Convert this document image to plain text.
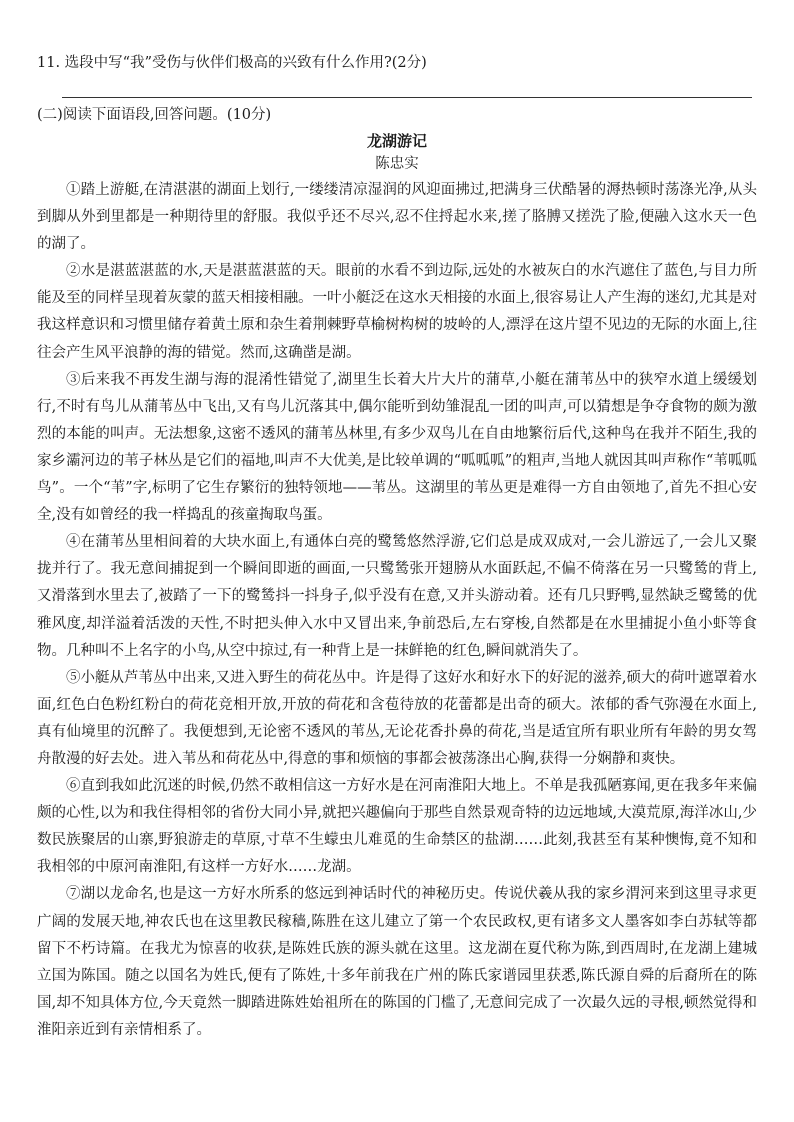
11. 选段中写“我”受伤与伙伴们极高的兴致有什么作用?(2分)
(二)阅读下面语段,回答问题。(10分)
龙湖游记
陈忠实

①踏上游艇,在清湛湛的湖面上划行,一缕缕清凉湿润的风迎面拂过,把满身三伏酷暑的溽热顿时荡涤光净,从头到脚从外到里都是一种期待里的舒服。我似乎还不尽兴,忍不住捋起水来,搓了胳膊又搓洗了脸,便融入这水天一色的湖了。

②水是湛蓝湛蓝的水,天是湛蓝湛蓝的天。眼前的水看不到边际,远处的水被灰白的水汽遮住了蓝色,与目力所能及至的同样呈现着灰蒙的蓝天相接相融。一叶小艇泛在这水天相接的水面上,很容易让人产生海的迷幻,尤其是对我这样意识和习惯里储存着黄土原和杂生着荆棘野草榆树构树的坡岭的人,漂浮在这片望不见边的无际的水面上,往往会产生风平浪静的海的错觉。然而,这确凿是湖。

③后来我不再发生湖与海的混淆性错觉了,湖里生长着大片大片的蒲草,小艇在蒲苇丛中的狭窄水道上缓缓划行,不时有鸟儿从蒲苇丛中飞出,又有鸟儿沉落其中,偶尔能听到幼雏混乱一团的叫声,可以猜想是争夺食物的颇为激烈的本能的叫声。无法想象,这密不透风的蒲苇丛林里,有多少双鸟儿在自由地繁衍后代,这种鸟在我并不陌生,我的家乡灞河边的苇子林丛是它们的福地,叫声不大优美,是比较单调的“呱呱呱”的粗声,当地人就因其叫声称作“苇呱呱鸟”。一个“苇”字,标明了它生存繁衍的独特领地——苇丛。这湖里的苇丛更是难得一方自由领地了,首先不担心安全,没有如曾经的我一样捣乱的孩童掏取鸟蛋。

④在蒲苇丛里相间着的大块水面上,有通体白亮的鹭鸶悠然浮游,它们总是成双成对,一会儿游远了,一会儿又聚拢并行了。我无意间捕捉到一个瞬间即逝的画面,一只鹭鸶张开翅膀从水面跃起,不偏不倚落在另一只鹭鸶的背上,又滑落到水里去了,被踏了一下的鹭鸶抖一抖身子,似乎没有在意,又并头游动着。还有几只野鸭,显然缺乏鹭鸶的优雅风度,却洋溢着活泼的天性,不时把头伸入水中又冒出来,争前恐后,左右穿梭,自然都是在水里捕捉小鱼小虾等食物。几种叫不上名字的小鸟,从空中掠过,有一种背上是一抹鲜艳的红色,瞬间就消失了。

⑤小艇从芦苇丛中出来,又进入野生的荷花丛中。许是得了这好水和好水下的好泥的滋养,硕大的荷叶遮罩着水面,红色白色粉红粉白的荷花竞相开放,开放的荷花和含苞待放的花蕾都是出奇的硕大。浓郁的香气弥漫在水面上,真有仙境里的沉醉了。我便想到,无论密不透风的苇丛,无论花香扑鼻的荷花,当是适宜所有职业所有年龄的男女驾舟散漫的好去处。进入苇丛和荷花丛中,得意的事和烦恼的事都会被荡涤出心胸,获得一分娴静和爽快。

⑥直到我如此沉迷的时候,仍然不敢相信这一方好水是在河南淮阳大地上。不单是我孤陋寡闻,更在我多年来偏颇的心性,以为和我住得相邻的省份大同小异,就把兴趣偏向于那些自然景观奇特的边远地域,大漠荒原,海洋冰山,少数民族聚居的山寨,野狼游走的草原,寸草不生蠓虫儿难觅的生命禁区的盐湖……此刻,我甚至有某种懊悔,竟不知和我相邻的中原河南淮阳,有这样一方好水……龙湖。

⑦湖以龙命名,也是这一方好水所系的悠远到神话时代的神秘历史。传说伏羲从我的家乡渭河来到这里寻求更广阔的发展天地,神农氏也在这里教民稼穑,陈胜在这儿建立了第一个农民政权,更有诸多文人墨客如李白苏轼等都留下不朽诗篇。在我尤为惊喜的收获,是陈姓氏族的源头就在这里。这龙湖在夏代称为陈,到西周时,在龙湖上建城立国为陈国。随之以国名为姓氏,便有了陈姓,十多年前我在广州的陈氏家谱园里获悉,陈氏源自舜的后裔所在的陈国,却不知具体方位,今天竟然一脚踏进陈姓始祖所在的陈国的门槛了,无意间完成了一次最久远的寻根,顿然觉得和淮阳亲近到有亲情相系了。
